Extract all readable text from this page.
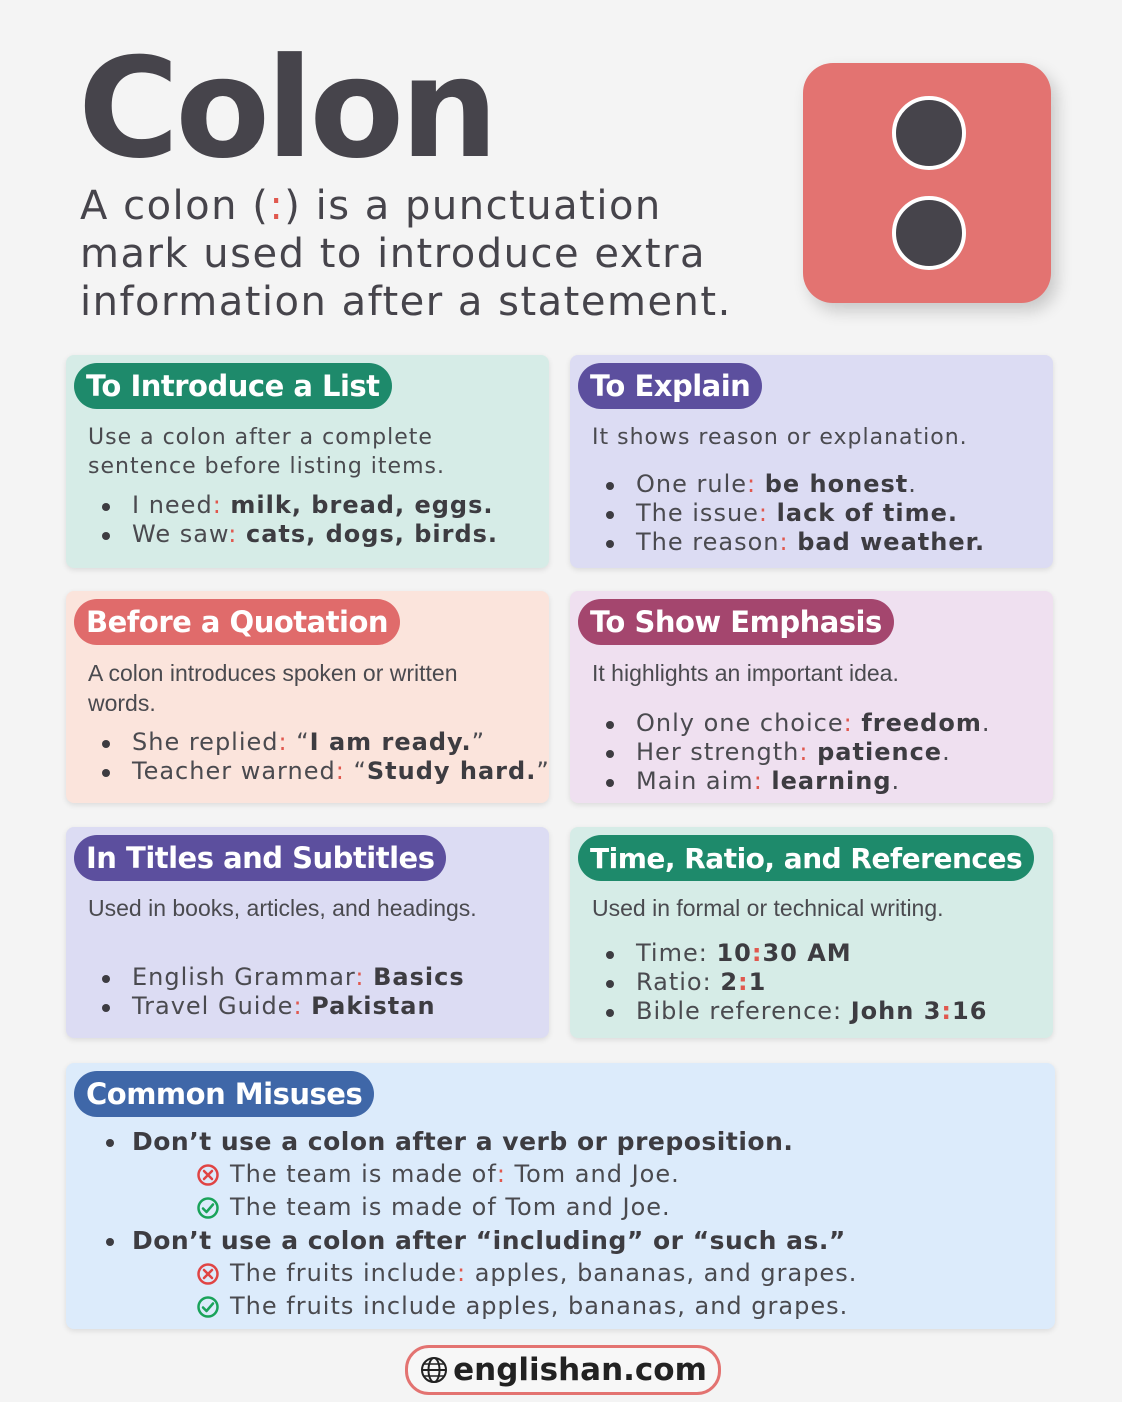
Colon

A colon (:) is a punctuation mark used to introduce extra information after a statement.

To Introduce a List

Use a colon after a complete sentence before listing items.

I need: milk, bread, eggs.
We saw: cats, dogs, birds.
To Explain

It shows reason or explanation.

One rule: be honest.
The issue: lack of time.
The reason: bad weather.
Before a Quotation

A colon introduces spoken or written words.

She replied: “I am ready.”
Teacher warned: “Study hard.”
To Show Emphasis

It highlights an important idea.

Only one choice: freedom.
Her strength: patience.
Main aim: learning.
In Titles and Subtitles

Used in books, articles, and headings.

English Grammar: Basics
Travel Guide: Pakistan
Time, Ratio, and References

Used in formal or technical writing.

Time: 10:30 AM
Ratio: 2:1
Bible reference: John 3:16
Common Misuses
Don’t use a colon after a verb or preposition.
The team is made of : Tom and Joe.
The team is made of Tom and Joe.
Don’t use a colon after “including” or “such as.”
The fruits include : apples, bananas, and grapes.
The fruits include apples, bananas, and grapes.
englishan.com
